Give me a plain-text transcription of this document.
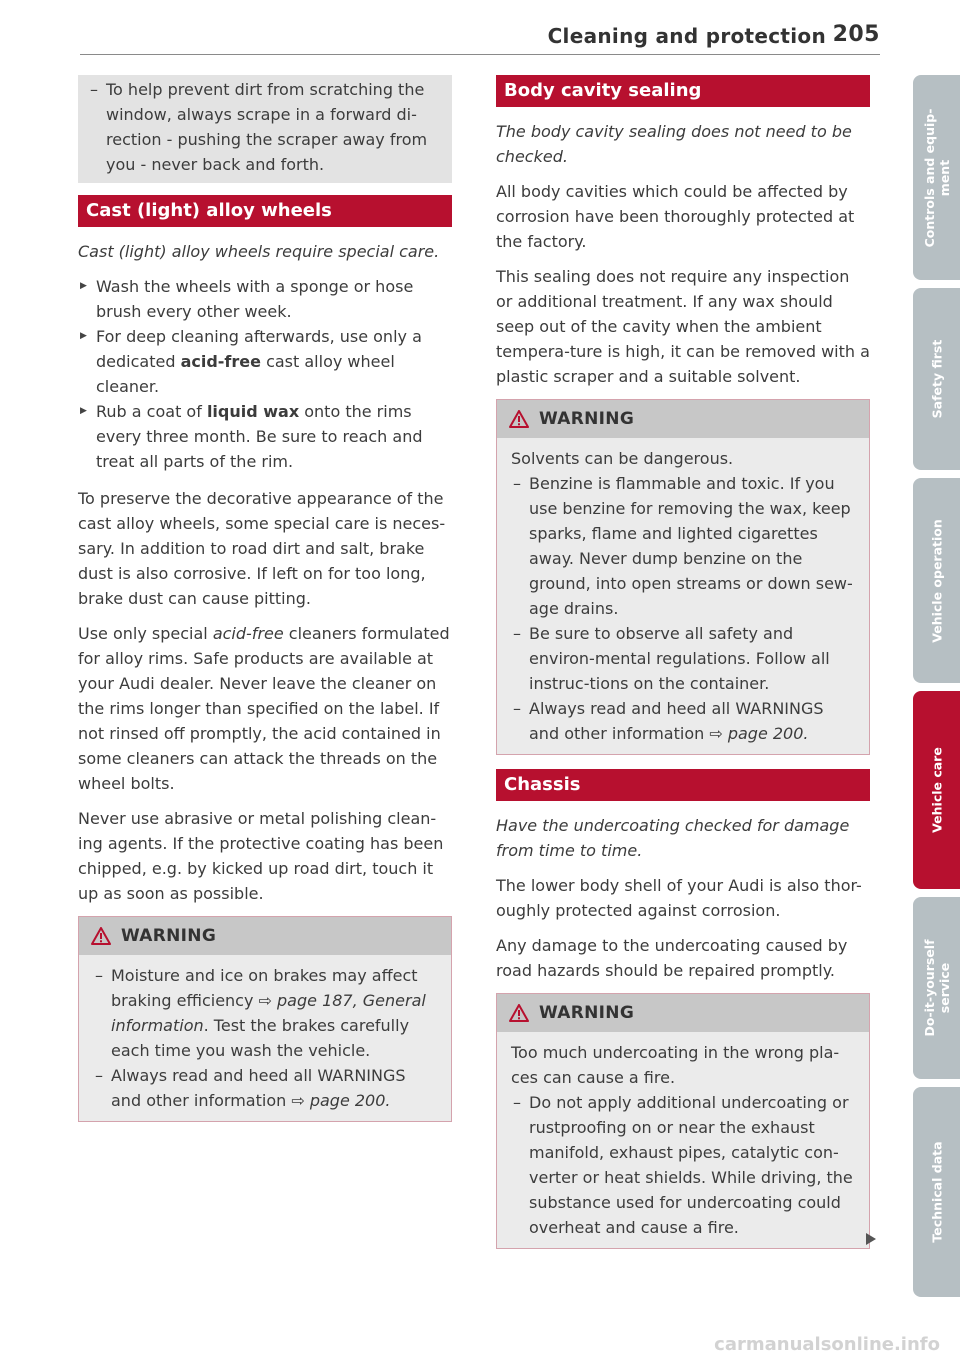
Cleaning and protection 205

– To help prevent dirt from scratching the
window, always scrape in a forward di-
rection - pushing the scraper away from
you - never back and forth.

Cast (light) alloy wheels

Cast (light) alloy wheels require special care.

▶ Wash the wheels with a sponge or hose brush every other week.
▶ For deep cleaning afterwards, use only a dedicated acid-free cast alloy wheel cleaner.
▶ Rub a coat of liquid wax onto the rims every three month. Be sure to reach and treat all parts of the rim.

To preserve the decorative appearance of the cast alloy wheels, some special care is neces-sary. In addition to road dirt and salt, brake dust is also corrosive. If left on for too long, brake dust can cause pitting.

Use only special acid-free cleaners formulated for alloy rims. Safe products are available at your Audi dealer. Never leave the cleaner on the rims longer than specified on the label. If not rinsed off promptly, the acid contained in some cleaners can attack the threads on the wheel bolts.

Never use abrasive or metal polishing clean-ing agents. If the protective coating has been chipped, e.g. by kicked up road dirt, touch it up as soon as possible.

WARNING

– Moisture and ice on brakes may affect braking efficiency ⇨ page 187, General information. Test the brakes carefully each time you wash the vehicle.

– Always read and heed all WARNINGS and other information ⇨ page 200.

Body cavity sealing

The body cavity sealing does not need to be checked.

All body cavities which could be affected by corrosion have been thoroughly protected at the factory.

This sealing does not require any inspection or additional treatment. If any wax should seep out of the cavity when the ambient tempera-ture is high, it can be removed with a plastic scraper and a suitable solvent.

WARNING

Solvents can be dangerous.

– Benzine is flammable and toxic. If you use benzine for removing the wax, keep sparks, flame and lighted cigarettes away. Never dump benzine on the ground, into open streams or down sew-age drains.

– Be sure to observe all safety and environ-mental regulations. Follow all instruc-tions on the container.

– Always read and heed all WARNINGS and other information ⇨ page 200.

Chassis

Have the undercoating checked for damage from time to time.

The lower body shell of your Audi is also thor-oughly protected against corrosion.

Any damage to the undercoating caused by road hazards should be repaired promptly.

WARNING

Too much undercoating in the wrong pla-ces can cause a fire.

– Do not apply additional undercoating or rustproofing on or near the exhaust manifold, exhaust pipes, catalytic con-verter or heat shields. While driving, the substance used for undercoating could overheat and cause a fire.

Controls and equip-
ment
Safety first
Vehicle operation
Vehicle care
Do-it-yourself
service
Technical data
carmanualsonline.info
